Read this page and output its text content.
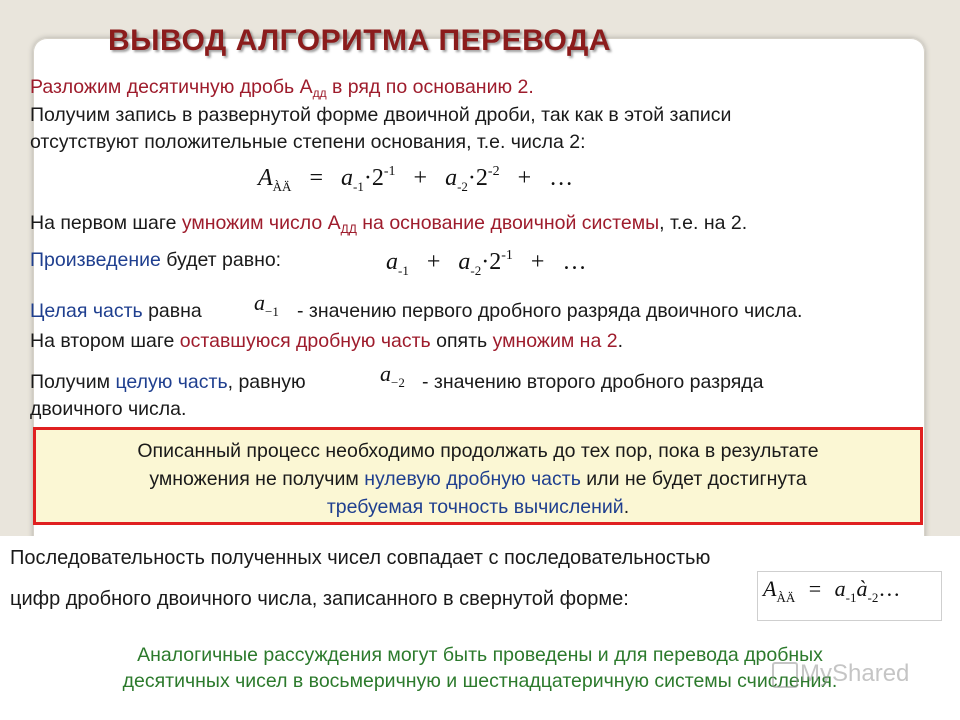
ВЫВОД АЛГОРИТМА ПЕРЕВОДА
Разложим десятичную дробь $А_{дд}$ в ряд по основанию 2.
Получим запись в развернутой форме двоичной дроби, так как в этой записи
отсутствуют положительные степени основания, т.е. числа 2:
$A_{ÀÄ} = a_{-1}\cdot 2^{-1} + a_{-2}\cdot 2^{-2}$ + …
На первом шаге умножим число $А_{ДД}$ на основание двоичной системы, т.е. на 2.
Произведение будет равно:	$a_{-1} + a_{-2}\cdot 2^{-1}$ + …
Целая часть равна $a_{-1}$ - значению первого дробного разряда двоичного числа.
На втором шаге оставшуюся дробную часть опять умножим на 2.
Получим целую часть, равную	$a_{-2}$ - значению второго дробного разряда
двоичного числа.
Описанный процесс необходимо продолжать до тех пор, пока в результате
умножения не получим нулевую дробную часть или не будет достигнута
требуемая точность вычислений.
Последовательность полученных чисел совпадает с последовательностью
цифр дробного двоичного числа, записанного в свернутой форме:	$A_{ÀÄ}$ = $a_{-1}à_{-2}\dots$
Аналогичные рассуждения могут быть проведены и для перевода дробных
десятичных чисел в восьмеричную и шестнадцатеричную системы счисления.
MyShared
